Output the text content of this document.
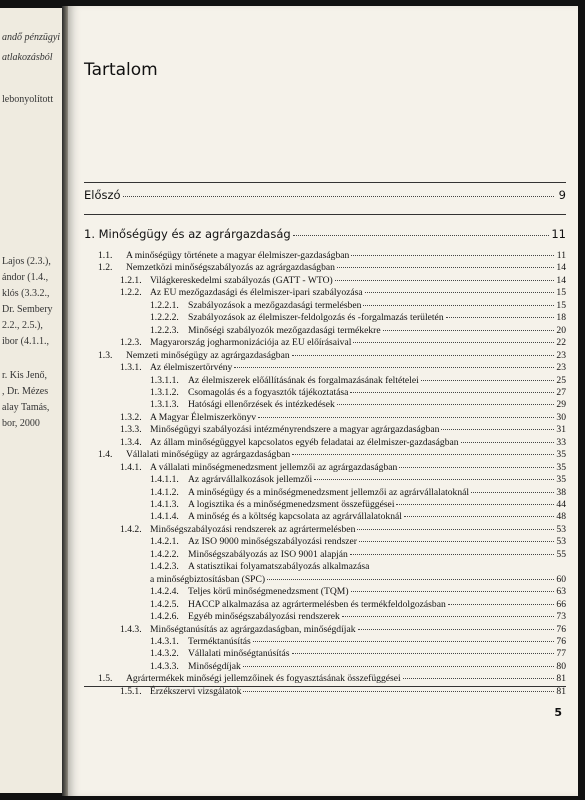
andő pénzügyi
atlakozásból
lebonyolított
Lajos (2.3.),
ándor (1.4.,
klós (3.3.2.,
Dr. Sembery
2.2., 2.5.),
ibor (4.1.1.,
r. Kis Jenő,
, Dr. Mézes
alay Tamás,
bor, 2000
Tartalom
Előszó	9
1. Minőségügy és az agrárgazdaság	11
5
1.1. A minőségügy története a magyar élelmiszer-gazdaságban	11
1.2. Nemzetközi minőségszabályozás az agrárgazdaságban	14
1.2.1. Világkereskedelmi szabályozás (GATT - WTO)	14
1.2.2. Az EU mezőgazdasági és élelmiszer-ipari szabályozása	15
1.2.2.1. Szabályozások a mezőgazdasági termelésben	15
1.2.2.2. Szabályozások az élelmiszer-feldolgozás és -forgalmazás területén	18
1.2.2.3. Minőségi szabályozók mezőgazdasági termékekre	20
1.2.3. Magyarország jogharmonizációja az EU előírásaival	22
1.3. Nemzeti minőségügy az agrárgazdaságban	23
1.3.1. Az élelmiszertörvény	23
1.3.1.1. Az élelmiszerek előállításának és forgalmazásának feltételei	25
1.3.1.2. Csomagolás és a fogyasztók tájékoztatása	27
1.3.1.3. Hatósági ellenőrzések és intézkedések	29
1.3.2. A Magyar Élelmiszerkönyv	30
1.3.3. Minőségügyi szabályozási intézményrendszere a magyar agrárgazdaságban	31
1.3.4. Az állam minőségüggyel kapcsolatos egyéb feladatai az élelmiszer-gazdaságban	33
1.4. Vállalati minőségügy az agrárgazdaságban	35
1.4.1. A vállalati minőségmenedzsment jellemzői az agrárgazdaságban	35
1.4.1.1. Az agrárvállalkozások jellemzői	35
1.4.1.2. A minőségügy és a minőségmenedzsment jellemzői az agrárvállalatoknál	38
1.4.1.3. A logisztika és a minőségmenedzsment összefüggései	44
1.4.1.4. A minőség és a költség kapcsolata az agrárvállalatoknál	48
1.4.2. Minőségszabályozási rendszerek az agrártermelésben	53
1.4.2.1. Az ISO 9000 minőségszabályozási rendszer	53
1.4.2.2. Minőségszabályozás az ISO 9001 alapján	55
1.4.2.3. A statisztikai folyamatszabályozás alkalmazása
a minőségbiztosításban (SPC)	60
1.4.2.4. Teljes körű minőségmenedzsment (TQM)	63
1.4.2.5. HACCP alkalmazása az agrártermelésben és termékfeldolgozásban	66
1.4.2.6. Egyéb minőségszabályozási rendszerek	73
1.4.3. Minőségtanúsítás az agrárgazdaságban, minőségdíjak	76
1.4.3.1. Terméktanúsítás	76
1.4.3.2. Vállalati minőségtanúsítás	77
1.4.3.3. Minőségdíjak	80
1.5. Agrártermékek minőségi jellemzőinek és fogyasztásának összefüggései	81
1.5.1. Érzékszervi vizsgálatok	81
